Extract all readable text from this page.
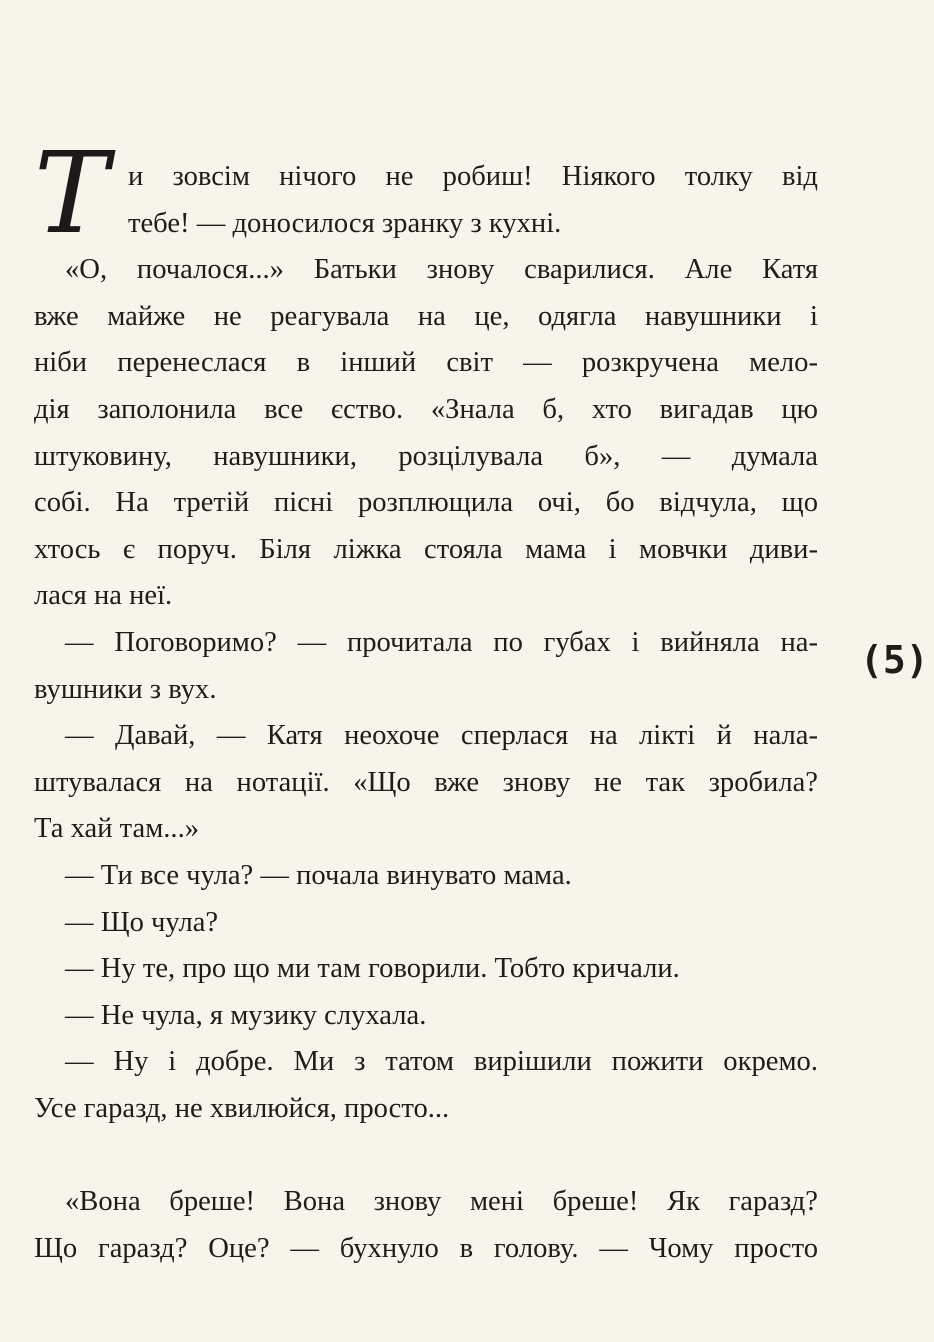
Т и зовсім нічого не робиш! Ніякого толку від
тебе! — доносилося зранку з кухні.
«О, почалося...» Батьки знову сварилися. Але Катя
вже майже не реагувала на це, одягла навушники і
ніби перенеслася в інший світ — розкручена мело-
дія заполонила все єство. «Знала б, хто вигадав цю
штуковину, навушники, розцілувала б», — думала
собі. На третій пісні розплющила очі, бо відчула, що
хтось є поруч. Біля ліжка стояла мама і мовчки диви-
лася на неї.
— Поговоримо? — прочитала по губах і вийняла на-
вушники з вух.
— Давай, — Катя неохоче сперлася на лікті й нала-
штувалася на нотації. «Що вже знову не так зробила?
Та хай там...»
— Ти все чула? — почала винувато мама.
— Що чула?
— Ну те, про що ми там говорили. Тобто кричали.
— Не чула, я музику слухала.
— Ну і добре. Ми з татом вирішили пожити окремо.
Усе гаразд, не хвилюйся, просто...
«Вона бреше! Вона знову мені бреше! Як гаразд?
Що гаразд? Оце? — бухнуло в голову. — Чому просто
(5)
